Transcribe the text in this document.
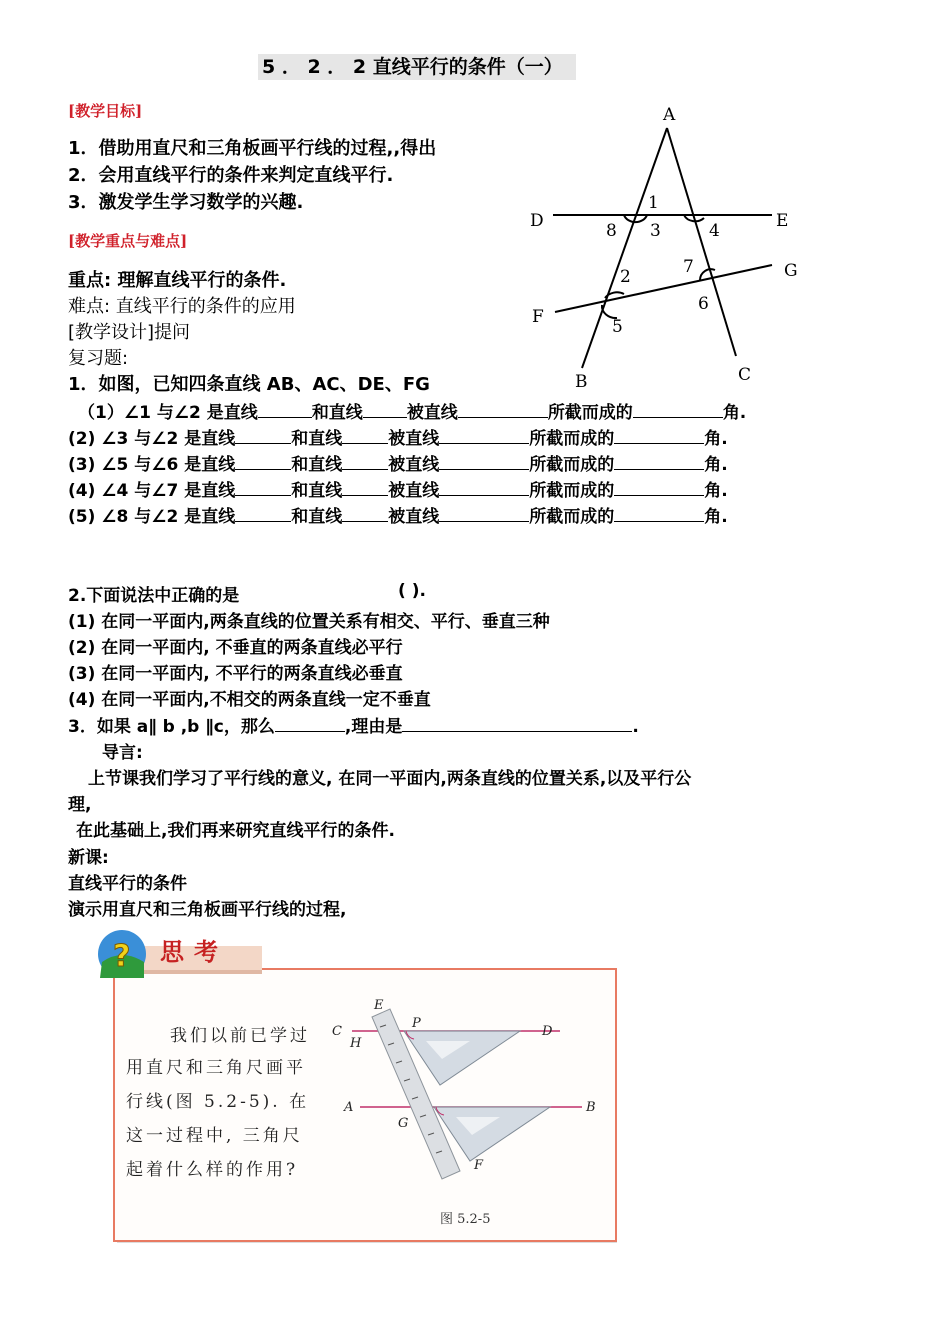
5 ． 2 ． 2 直线平行的条件（一）
[教学目标]
1．借助用直尺和三角板画平行线的过程,,得出
2．会用直线平行的条件来判定直线平行.
3．激发学生学习数学的兴趣.
[教学重点与难点]
重点: 理解直线平行的条件.
难点: 直线平行的条件的应用
[教学设计]提问
复习题:
A
B	C
D	E
F
G
1
2
3	4
5
6
7
8
1．如图，已知四条直线 AB、AC、DE、FG
（1）∠1 与∠2 是直线	和直线	被直线	所截而成的	角.
(2) ∠3 与∠2 是直线	和直线	被直线	所截而成的	角.
(3) ∠5 与∠6 是直线	和直线	被直线	所截而成的	角.
(4) ∠4 与∠7 是直线	和直线	被直线	所截而成的	角.
(5) ∠8 与∠2 是直线	和直线	被直线	所截而成的	角.
2.下面说法中正确的是	( ).
(1) 在同一平面内,两条直线的位置关系有相交、平行、垂直三种
(2) 在同一平面内, 不垂直的两条直线必平行
(3) 在同一平面内, 不平行的两条直线必垂直
(4) 在同一平面内,不相交的两条直线一定不垂直
3．如果 a∥ b ,b ∥c，那么	,理由是	.
导言:
上节课我们学习了平行线的意义, 在同一平面内,两条直线的位置关系,以及平行公
理,
在此基础上,我们再来研究直线平行的条件.
新课:
直线平行的条件
演示用直尺和三角板画平行线的过程,
? 思考
我们以前已学过
用直尺和三角尺画平
行线(图 5.2-5). 在
这一过程中, 三角尺
起着什么样的作用?
C
P
D
E
H
A	B
G
F
图 5.2-5
